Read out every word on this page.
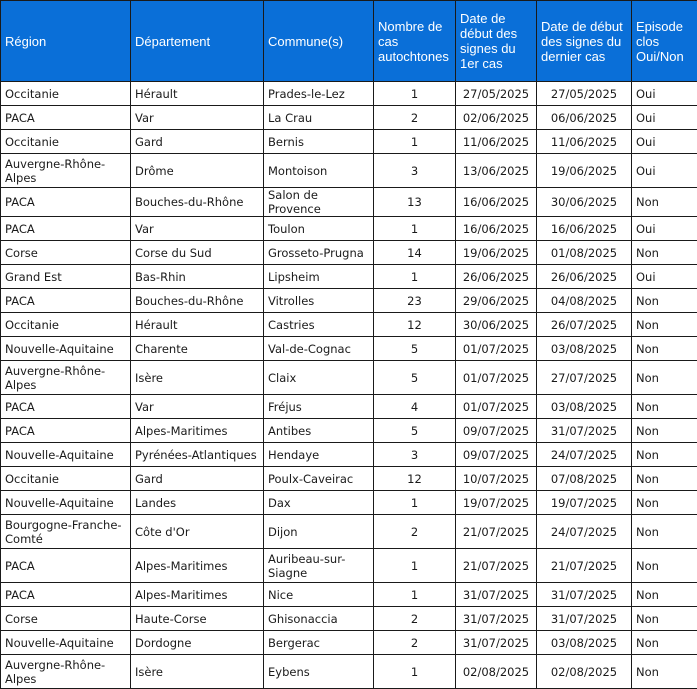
Région	Département	Commune(s)	Nombre de cas autochtones	Date de début des signes du 1er cas	Date de début des signes du dernier cas	Episode clos Oui/Non
Occitanie	Hérault	Prades-le-Lez	1	27/05/2025	27/05/2025	Oui
PACA	Var	La Crau	2	02/06/2025	06/06/2025	Oui
Occitanie	Gard	Bernis	1	11/06/2025	11/06/2025	Oui
Auvergne-Rhône-Alpes	Drôme	Montoison	3	13/06/2025	19/06/2025	Oui
PACA	Bouches-du-Rhône	Salon de Provence	13	16/06/2025	30/06/2025	Non
PACA	Var	Toulon	1	16/06/2025	16/06/2025	Oui
Corse	Corse du Sud	Grosseto-Prugna	14	19/06/2025	01/08/2025	Non
Grand Est	Bas-Rhin	Lipsheim	1	26/06/2025	26/06/2025	Oui
PACA	Bouches-du-Rhône	Vitrolles	23	29/06/2025	04/08/2025	Non
Occitanie	Hérault	Castries	12	30/06/2025	26/07/2025	Non
Nouvelle-Aquitaine	Charente	Val-de-Cognac	5	01/07/2025	03/08/2025	Non
Auvergne-Rhône-Alpes	Isère	Claix	5	01/07/2025	27/07/2025	Non
PACA	Var	Fréjus	4	01/07/2025	03/08/2025	Non
PACA	Alpes-Maritimes	Antibes	5	09/07/2025	31/07/2025	Non
Nouvelle-Aquitaine	Pyrénées-Atlantiques	Hendaye	3	09/07/2025	24/07/2025	Non
Occitanie	Gard	Poulx-Caveirac	12	10/07/2025	07/08/2025	Non
Nouvelle-Aquitaine	Landes	Dax	1	19/07/2025	19/07/2025	Non
Bourgogne-Franche-Comté	Côte d'Or	Dijon	2	21/07/2025	24/07/2025	Non
PACA	Alpes-Maritimes	Auribeau-sur-Siagne	1	21/07/2025	21/07/2025	Non
PACA	Alpes-Maritimes	Nice	1	31/07/2025	31/07/2025	Non
Corse	Haute-Corse	Ghisonaccia	2	31/07/2025	31/07/2025	Non
Nouvelle-Aquitaine	Dordogne	Bergerac	2	31/07/2025	03/08/2025	Non
Auvergne-Rhône-Alpes	Isère	Eybens	1	02/08/2025	02/08/2025	Non
